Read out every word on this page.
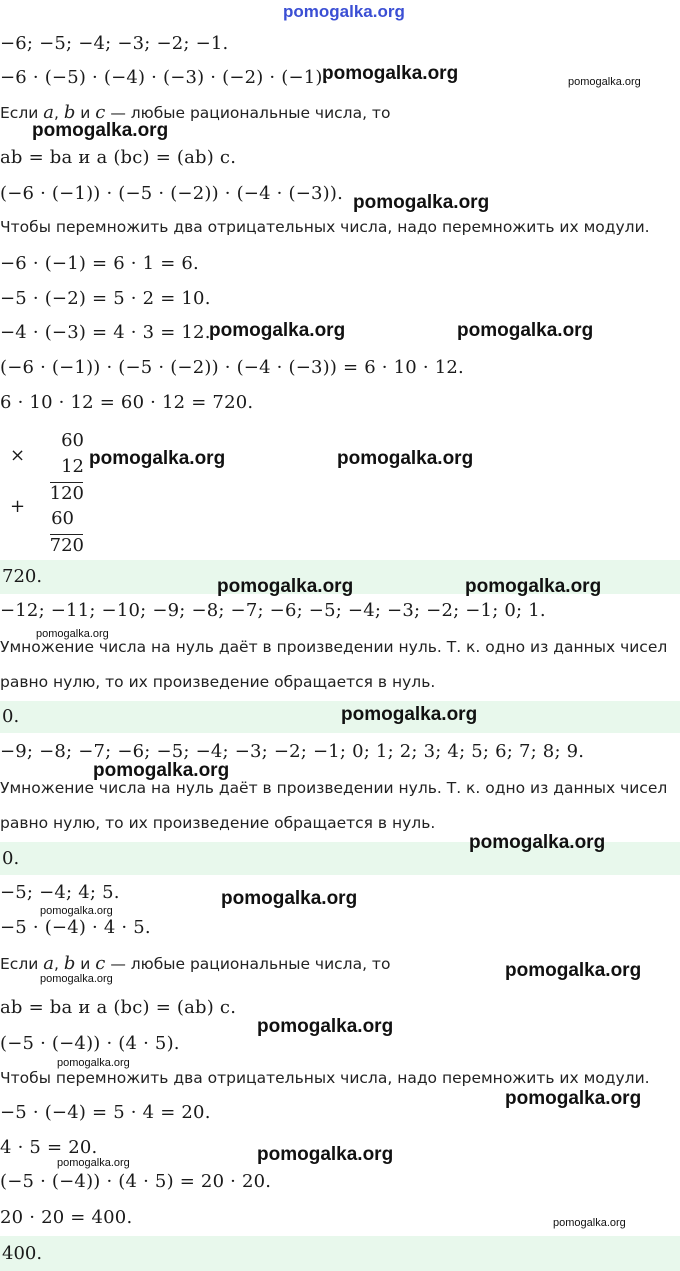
pomogalka.org
−6; −5; −4; −3; −2; −1.
−6 · (−5) · (−4) · (−3) · (−2) · (−1).
Если a, b и c — любые рациональные числа, то
ab = ba и a (bc) = (ab) c.
(−6 · (−1)) · (−5 · (−2)) · (−4 · (−3)).
Чтобы перемножить два отрицательных числа, надо перемножить их модули.
−6 · (−1) = 6 · 1 = 6.
−5 · (−2) = 5 · 2 = 10.
−4 · (−3) = 4 · 3 = 12.
(−6 · (−1)) · (−5 · (−2)) · (−4 · (−3)) = 6 · 10 · 12.
6 · 10 · 12 = 60 · 12 = 720.
×
+
60
12
120
60
720
720.
−12; −11; −10; −9; −8; −7; −6; −5; −4; −3; −2; −1; 0; 1.
Умножение числа на нуль даёт в произведении нуль. Т. к. одно из данных чисел
равно нулю, то их произведение обращается в нуль.
0.
−9; −8; −7; −6; −5; −4; −3; −2; −1; 0; 1; 2; 3; 4; 5; 6; 7; 8; 9.
Умножение числа на нуль даёт в произведении нуль. Т. к. одно из данных чисел
равно нулю, то их произведение обращается в нуль.
0.
−5; −4; 4; 5.
−5 · (−4) · 4 · 5.
Если a, b и c — любые рациональные числа, то
ab = ba и a (bc) = (ab) c.
(−5 · (−4)) · (4 · 5).
Чтобы перемножить два отрицательных числа, надо перемножить их модули.
−5 · (−4) = 5 · 4 = 20.
4 · 5 = 20.
(−5 · (−4)) · (4 · 5) = 20 · 20.
20 · 20 = 400.
400.
pomogalka.org	pomogalka.org
pomogalka.org
pomogalka.org
pomogalka.org	pomogalka.org
pomogalka.org	pomogalka.org
pomogalka.org	pomogalka.org
pomogalka.org
pomogalka.org
pomogalka.org
pomogalka.org
pomogalka.org
pomogalka.org
pomogalka.org	pomogalka.org
pomogalka.org
pomogalka.org
pomogalka.org
pomogalka.org
pomogalka.org
pomogalka.org
